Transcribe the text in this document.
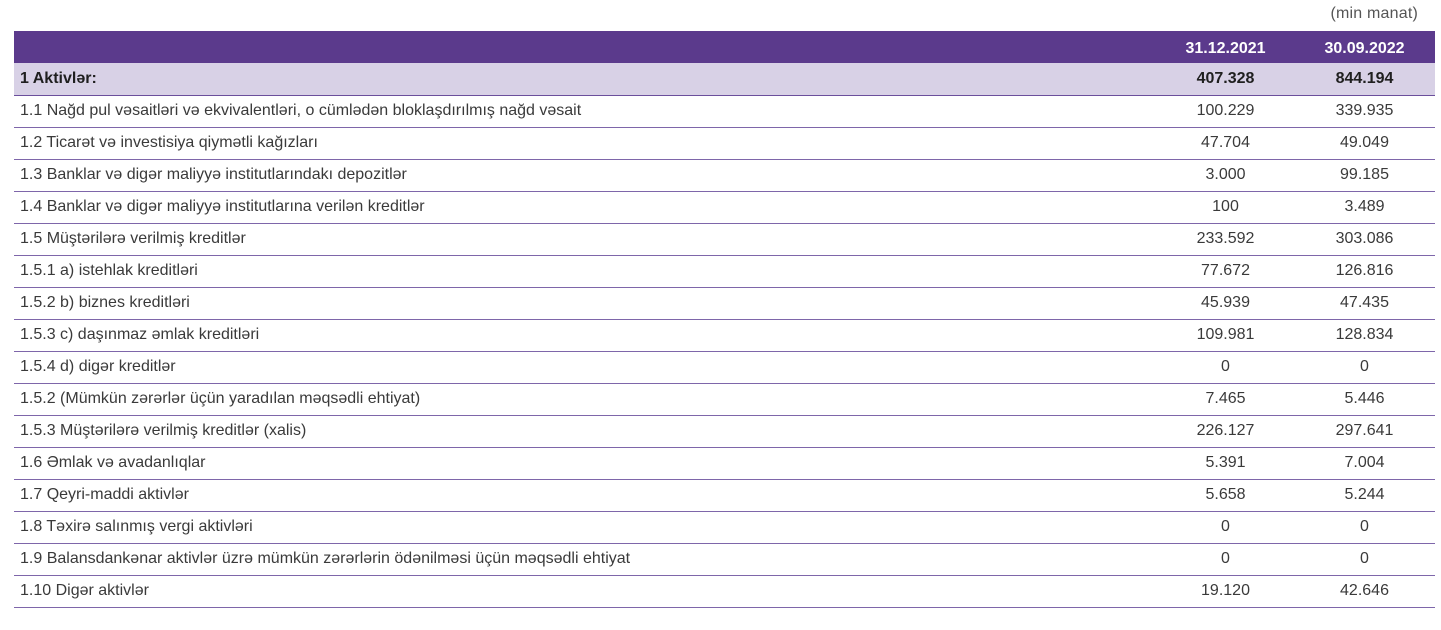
(min manat)
	31.12.2021	30.09.2022
1 Aktivlər:	407.328	844.194
1.1 Nağd pul vəsaitləri və ekvivalentləri, o cümlədən bloklaşdırılmış nağd vəsait	100.229	339.935
1.2 Ticarət və investisiya qiymətli kağızları	47.704	49.049
1.3 Banklar və digər maliyyə institutlarındakı depozitlər	3.000	99.185
1.4 Banklar və digər maliyyə institutlarına verilən kreditlər	100	3.489
1.5 Müştərilərə verilmiş kreditlər	233.592	303.086
1.5.1 a) istehlak kreditləri	77.672	126.816
1.5.2 b) biznes kreditləri	45.939	47.435
1.5.3 c) daşınmaz əmlak kreditləri	109.981	128.834
1.5.4 d) digər kreditlər	0	0
1.5.2 (Mümkün zərərlər üçün yaradılan məqsədli ehtiyat)	7.465	5.446
1.5.3 Müştərilərə verilmiş kreditlər (xalis)	226.127	297.641
1.6 Əmlak və avadanlıqlar	5.391	7.004
1.7 Qeyri-maddi aktivlər	5.658	5.244
1.8 Təxirə salınmış vergi aktivləri	0	0
1.9 Balansdankənar aktivlər üzrə mümkün zərərlərin ödənilməsi üçün məqsədli ehtiyat	0	0
1.10 Digər aktivlər	19.120	42.646
